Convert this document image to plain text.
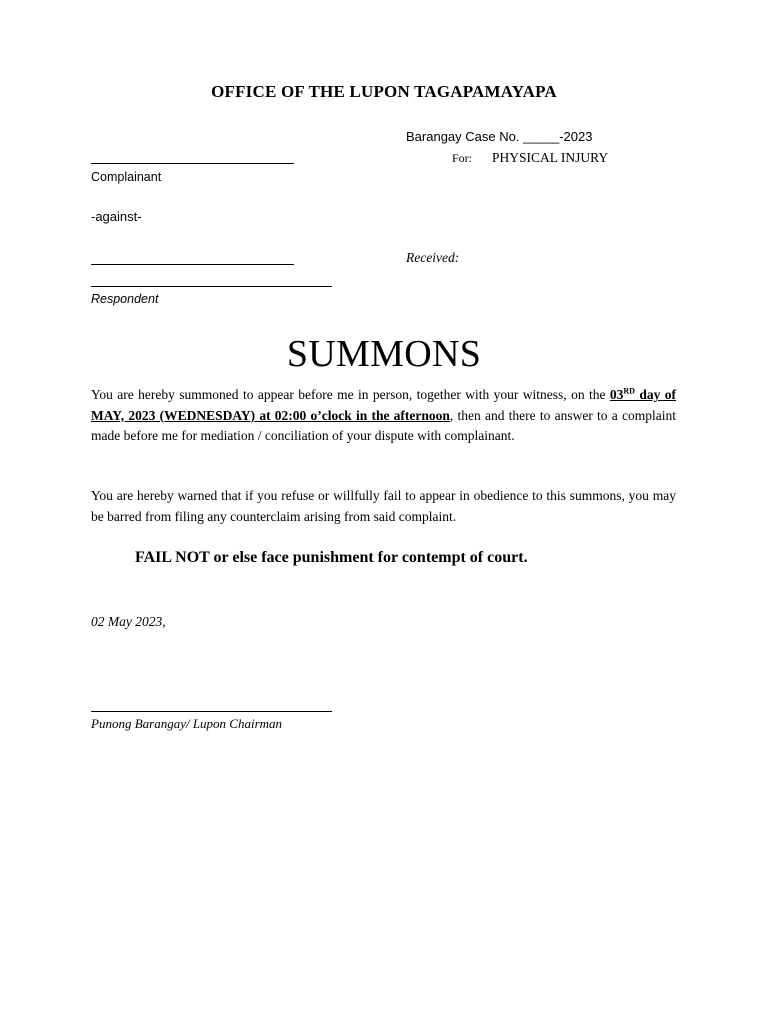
OFFICE OF THE LUPON TAGAPAMAYAPA
Barangay Case No. _____-2023
For: PHYSICAL INJURY
Complainant
-against-
Received:
Respondent
SUMMONS
You are hereby summoned to appear before me in person, together with your witness, on the 03RD day of MAY, 2023 (WEDNESDAY) at 02:00 o’clock in the afternoon, then and there to answer to a complaint made before me for mediation / conciliation of your dispute with complainant.
You are hereby warned that if you refuse or willfully fail to appear in obedience to this summons, you may be barred from filing any counterclaim arising from said complaint.
FAIL NOT or else face punishment for contempt of court.
02 May 2023,
Punong Barangay/ Lupon Chairman
